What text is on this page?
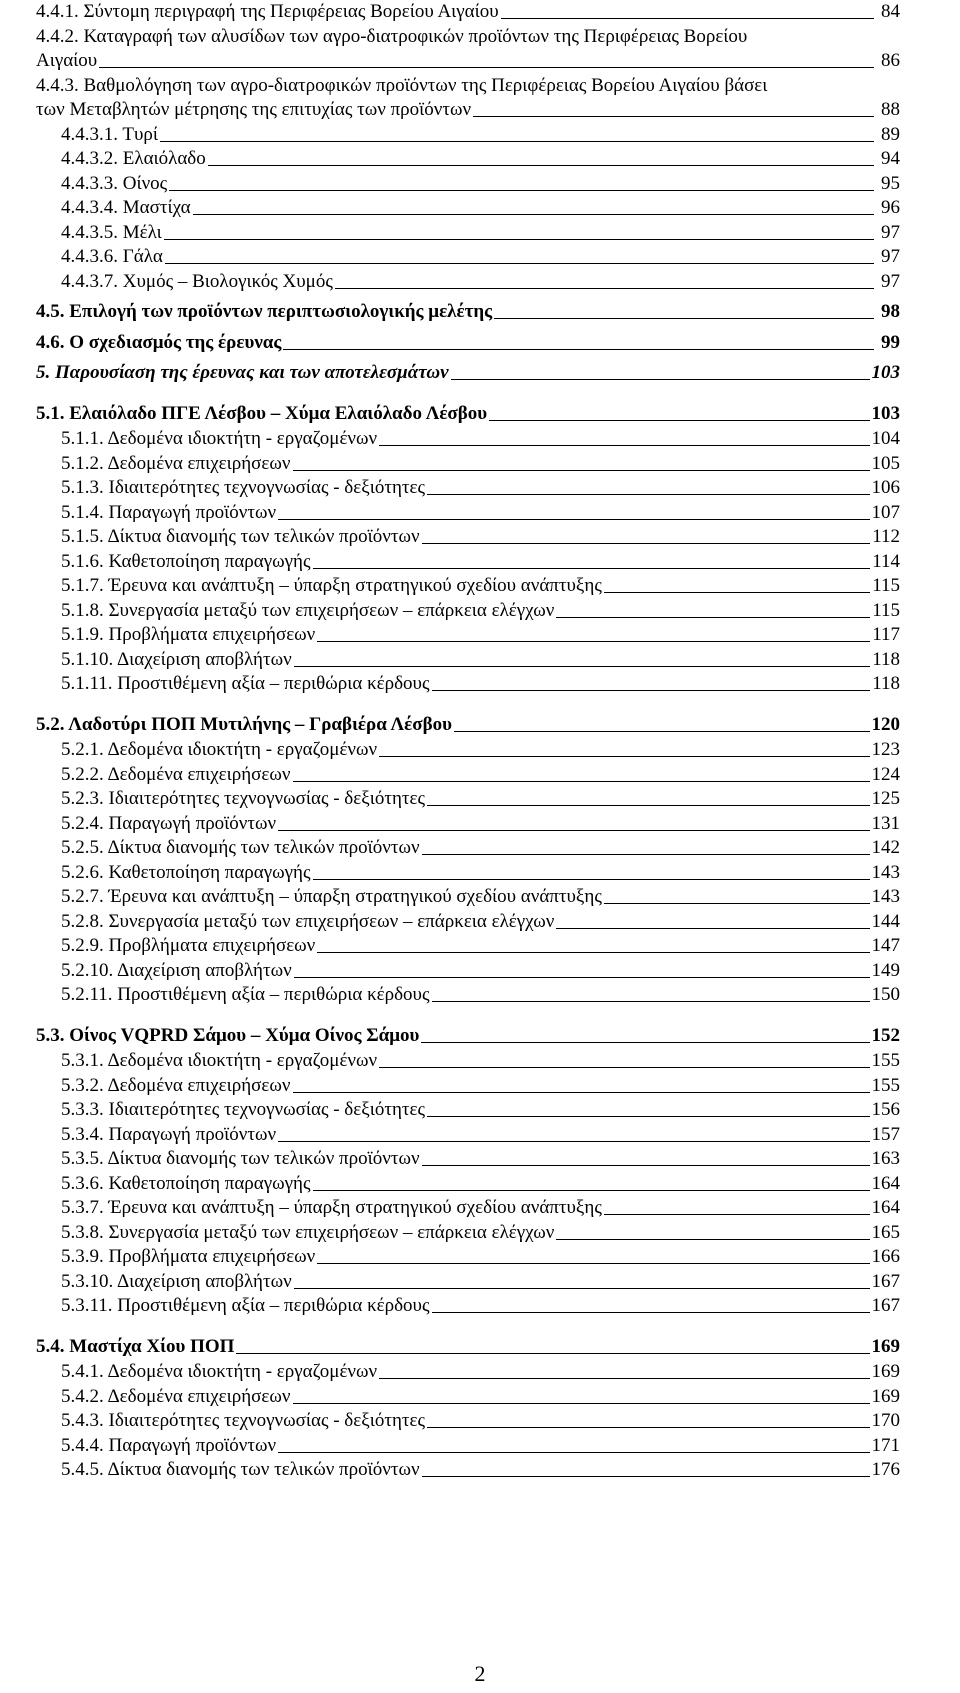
4.4.1. Σύντομη περιγραφή της Περιφέρειας Βορείου Αιγαίου	84
4.4.2. Καταγραφή των αλυσίδων των αγρο-διατροφικών προϊόντων της Περιφέρειας Βορείου
Αιγαίου	86
4.4.3. Βαθμολόγηση των αγρο-διατροφικών προϊόντων της Περιφέρειας Βορείου Αιγαίου βάσει
των Μεταβλητών μέτρησης της επιτυχίας των προϊόντων	88
4.4.3.1. Τυρί	89
4.4.3.2. Ελαιόλαδο	94
4.4.3.3. Οίνος	95
4.4.3.4. Μαστίχα	96
4.4.3.5. Μέλι	97
4.4.3.6. Γάλα	97
4.4.3.7. Χυμός – Βιολογικός Χυμός	97
4.5. Επιλογή των προϊόντων περιπτωσιολογικής μελέτης	98
4.6. Ο σχεδιασμός της έρευνας	99
5. Παρουσίαση της έρευνας και των αποτελεσμάτων	103
5.1. Ελαιόλαδο ΠΓΕ Λέσβου – Χύμα Ελαιόλαδο Λέσβου	103
5.1.1. Δεδομένα ιδιοκτήτη - εργαζομένων	104
5.1.2. Δεδομένα επιχειρήσεων	105
5.1.3. Ιδιαιτερότητες τεχνογνωσίας - δεξιότητες	106
5.1.4. Παραγωγή προϊόντων	107
5.1.5. Δίκτυα διανομής των τελικών προϊόντων	112
5.1.6. Καθετοποίηση παραγωγής	114
5.1.7. Έρευνα και ανάπτυξη – ύπαρξη στρατηγικού σχεδίου ανάπτυξης	115
5.1.8. Συνεργασία μεταξύ των επιχειρήσεων – επάρκεια ελέγχων	115
5.1.9. Προβλήματα επιχειρήσεων	117
5.1.10. Διαχείριση αποβλήτων	118
5.1.11. Προστιθέμενη αξία – περιθώρια κέρδους	118
5.2. Λαδοτύρι ΠΟΠ Μυτιλήνης – Γραβιέρα Λέσβου	120
5.2.1. Δεδομένα ιδιοκτήτη - εργαζομένων	123
5.2.2. Δεδομένα επιχειρήσεων	124
5.2.3. Ιδιαιτερότητες τεχνογνωσίας - δεξιότητες	125
5.2.4. Παραγωγή προϊόντων	131
5.2.5. Δίκτυα διανομής των τελικών προϊόντων	142
5.2.6. Καθετοποίηση παραγωγής	143
5.2.7. Έρευνα και ανάπτυξη – ύπαρξη στρατηγικού σχεδίου ανάπτυξης	143
5.2.8. Συνεργασία μεταξύ των επιχειρήσεων – επάρκεια ελέγχων	144
5.2.9. Προβλήματα επιχειρήσεων	147
5.2.10. Διαχείριση αποβλήτων	149
5.2.11. Προστιθέμενη αξία – περιθώρια κέρδους	150
5.3. Οίνος VQPRD Σάμου – Χύμα Οίνος Σάμου	152
5.3.1. Δεδομένα ιδιοκτήτη - εργαζομένων	155
5.3.2. Δεδομένα επιχειρήσεων	155
5.3.3. Ιδιαιτερότητες τεχνογνωσίας - δεξιότητες	156
5.3.4. Παραγωγή προϊόντων	157
5.3.5. Δίκτυα διανομής των τελικών προϊόντων	163
5.3.6. Καθετοποίηση παραγωγής	164
5.3.7. Έρευνα και ανάπτυξη – ύπαρξη στρατηγικού σχεδίου ανάπτυξης	164
5.3.8. Συνεργασία μεταξύ των επιχειρήσεων – επάρκεια ελέγχων	165
5.3.9. Προβλήματα επιχειρήσεων	166
5.3.10. Διαχείριση αποβλήτων	167
5.3.11. Προστιθέμενη αξία – περιθώρια κέρδους	167
5.4. Μαστίχα Χίου ΠΟΠ	169
5.4.1. Δεδομένα ιδιοκτήτη - εργαζομένων	169
5.4.2. Δεδομένα επιχειρήσεων	169
5.4.3. Ιδιαιτερότητες τεχνογνωσίας - δεξιότητες	170
5.4.4. Παραγωγή προϊόντων	171
5.4.5. Δίκτυα διανομής των τελικών προϊόντων	176
2
